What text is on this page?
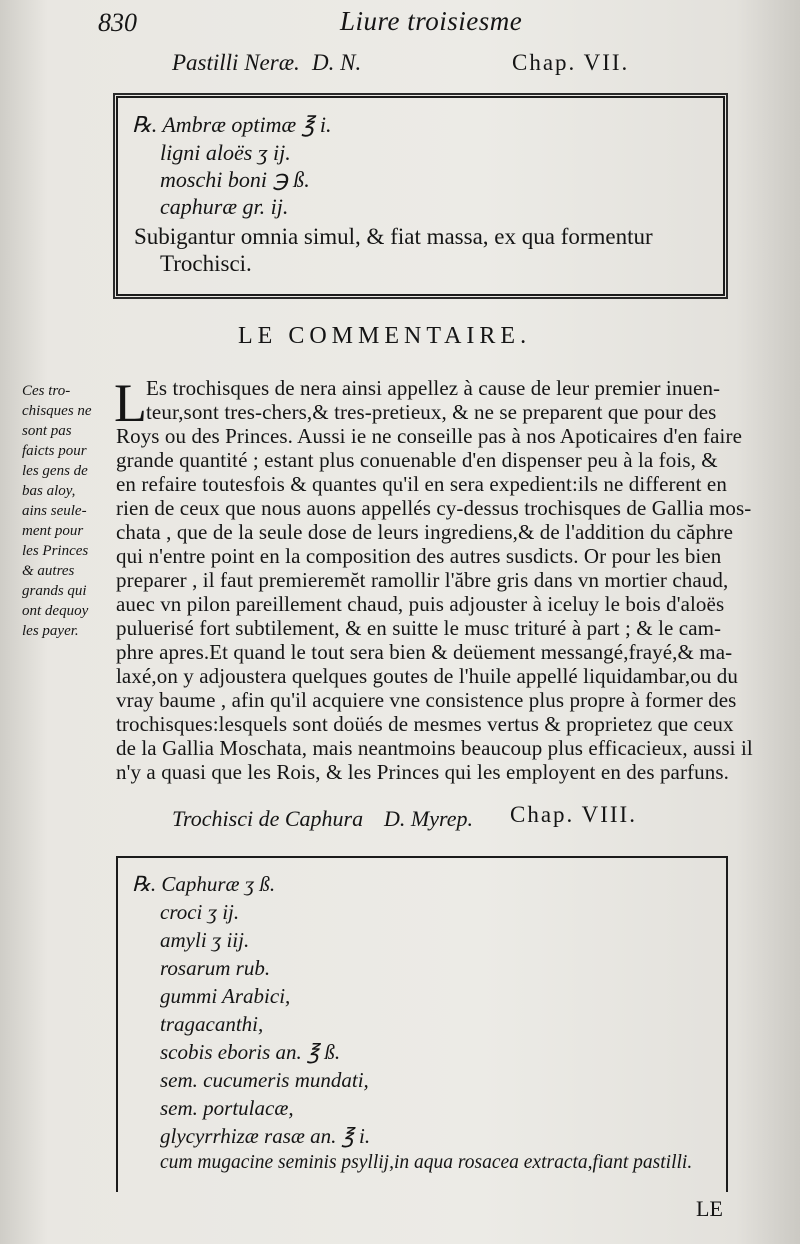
830	Liure troisiesme
Pastilli Neræ. D. N.	Chap. VII.
℞. Ambræ optimæ ℥ i.
ligni aloës ʒ ij.
moschi boni ℈ ß.
caphuræ gr. ij.
Subigantur omnia simul, & fiat massa, ex qua formentur
Trochisci.
LE COMMENTAIRE.
L Es trochisques de nera ainsi appellez à cause de leur premier inuen-
teur,sont tres-chers,& tres-pretieux, & ne se preparent que pour des
Roys ou des Princes. Aussi ie ne conseille pas à nos Apoticaires d'en faire
grande quantité ; estant plus conuenable d'en dispenser peu à la fois, &
en refaire toutesfois & quantes qu'il en sera expedient:ils ne different en
rien de ceux que nous auons appellés cy-dessus trochisques de Gallia mos-
chata , que de la seule dose de leurs ingrediens,& de l'addition du căphre
qui n'entre point en la composition des autres susdicts. Or pour les bien
preparer , il faut premieremĕt ramollir l'ăbre gris dans vn mortier chaud,
auec vn pilon pareillement chaud, puis adjouster à iceluy le bois d'aloës
puluerisé fort subtilement, & en suitte le musc trituré à part ; & le cam-
phre apres.Et quand le tout sera bien & deüement messangé,frayé,& ma-
laxé,on y adjoustera quelques goutes de l'huile appellé liquidambar,ou du
vray baume , afin qu'il acquiere vne consistence plus propre à former des
trochisques:lesquels sont doüés de mesmes vertus & proprietez que ceux
de la Gallia Moschata, mais neantmoins beaucoup plus efficacieux, aussi il
n'y a quasi que les Rois, & les Princes qui les employent en des parfuns.
Ces tro-
chisques ne
sont pas
faicts pour
les gens de
bas aloy,
ains seule-
ment pour
les Princes
& autres
grands qui
ont dequoy
les payer.
Trochisci de Caphura D. Myrep. Chap. VIII.
℞. Caphuræ ʒ ß.
croci ʒ ij.
amyli ʒ iij.
rosarum rub.
gummi Arabici,
tragacanthi,
scobis eboris an. ℥ ß.
sem. cucumeris mundati,
sem. portulacæ,
glycyrrhizæ rasæ an. ℥ i.
cum mugacine seminis psyllij,in aqua rosacea extracta,fiant pastilli.
LE
